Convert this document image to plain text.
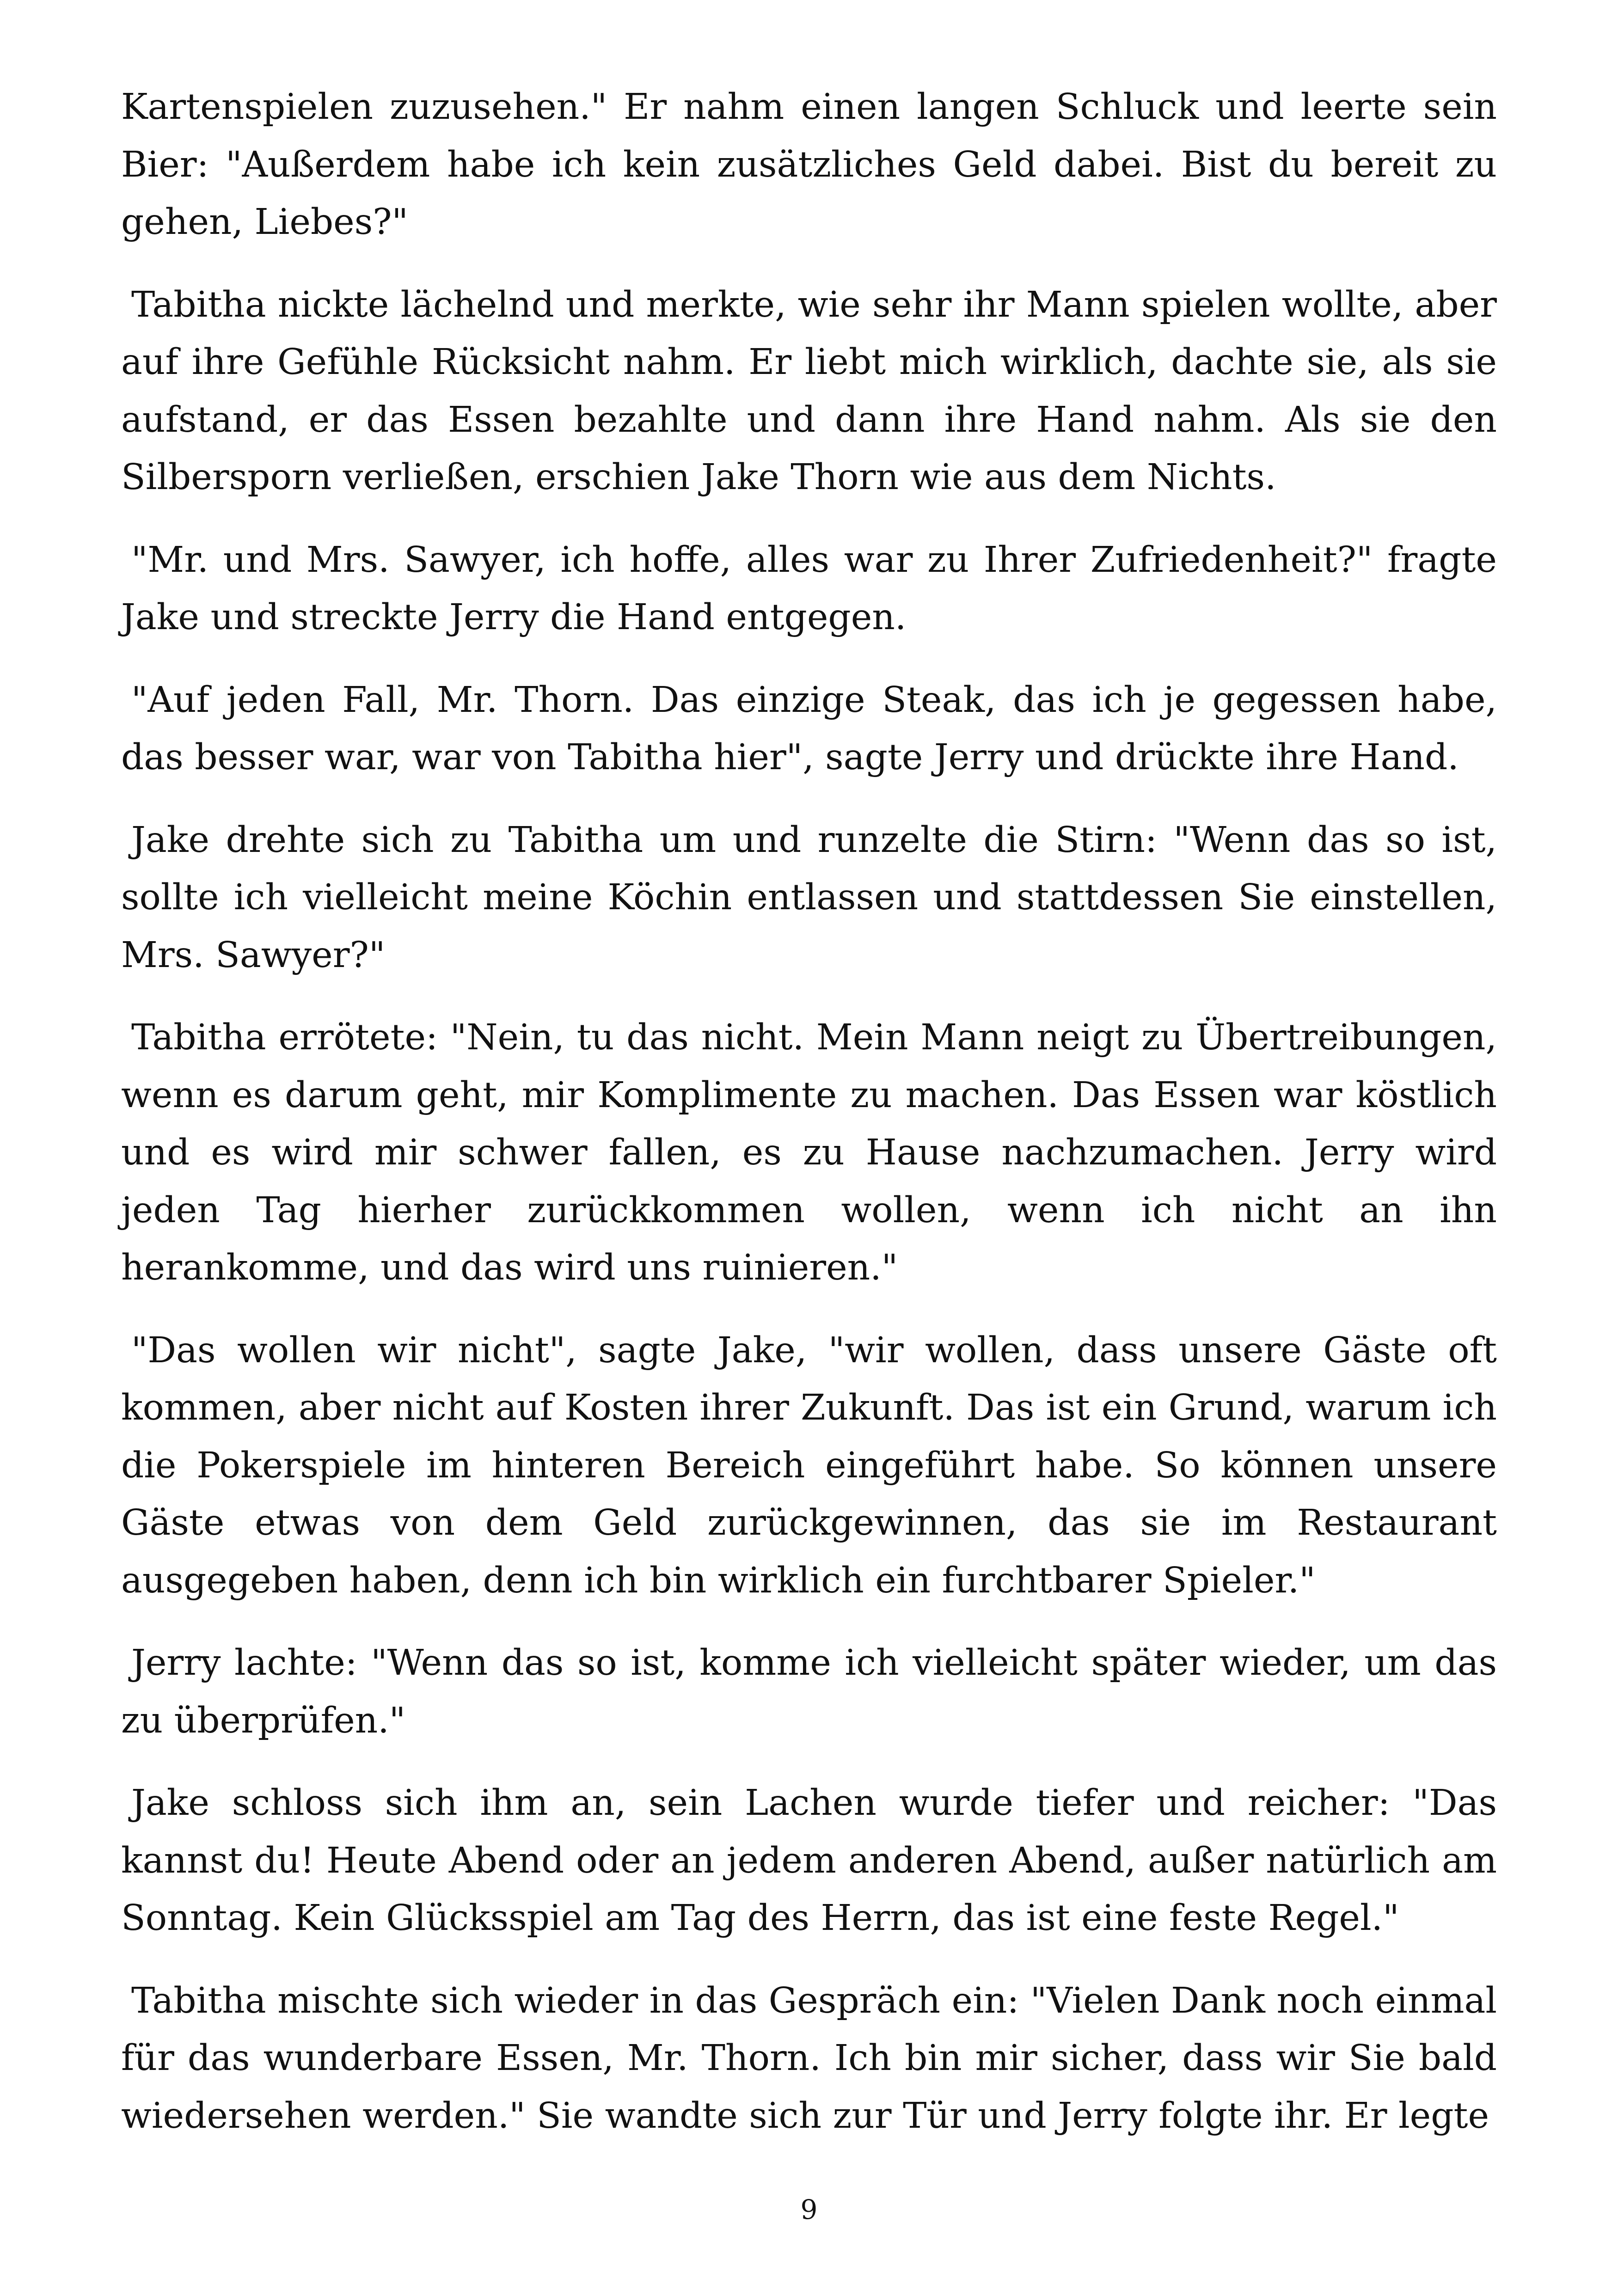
Kartenspielen zuzusehen." Er nahm einen langen Schluck und leerte sein Bier: "Außerdem habe ich kein zusätzliches Geld dabei. Bist du bereit zu gehen, Liebes?"

Tabitha nickte lächelnd und merkte, wie sehr ihr Mann spielen wollte, aber auf ihre Gefühle Rücksicht nahm. Er liebt mich wirklich, dachte sie, als sie aufstand, er das Essen bezahlte und dann ihre Hand nahm. Als sie den Silbersporn verließen, erschien Jake Thorn wie aus dem Nichts.

"Mr. und Mrs. Sawyer, ich hoffe, alles war zu Ihrer Zufriedenheit?" fragte Jake und streckte Jerry die Hand entgegen.

"Auf jeden Fall, Mr. Thorn. Das einzige Steak, das ich je gegessen habe, das besser war, war von Tabitha hier", sagte Jerry und drückte ihre Hand.

Jake drehte sich zu Tabitha um und runzelte die Stirn: "Wenn das so ist, sollte ich vielleicht meine Köchin entlassen und stattdessen Sie einstellen, Mrs. Sawyer?"

Tabitha errötete: "Nein, tu das nicht. Mein Mann neigt zu Übertreibungen, wenn es darum geht, mir Komplimente zu machen. Das Essen war köstlich und es wird mir schwer fallen, es zu Hause nachzumachen. Jerry wird jeden Tag hierher zurückkommen wollen, wenn ich nicht an ihn herankomme, und das wird uns ruinieren."

"Das wollen wir nicht", sagte Jake, "wir wollen, dass unsere Gäste oft kommen, aber nicht auf Kosten ihrer Zukunft. Das ist ein Grund, warum ich die Pokerspiele im hinteren Bereich eingeführt habe. So können unsere Gäste etwas von dem Geld zurückgewinnen, das sie im Restaurant ausgegeben haben, denn ich bin wirklich ein furchtbarer Spieler."

Jerry lachte: "Wenn das so ist, komme ich vielleicht später wieder, um das zu überprüfen."

Jake schloss sich ihm an, sein Lachen wurde tiefer und reicher: "Das kannst du! Heute Abend oder an jedem anderen Abend, außer natürlich am Sonntag. Kein Glücksspiel am Tag des Herrn, das ist eine feste Regel."

Tabitha mischte sich wieder in das Gespräch ein: "Vielen Dank noch einmal für das wunderbare Essen, Mr. Thorn. Ich bin mir sicher, dass wir Sie bald wiedersehen werden." Sie wandte sich zur Tür und Jerry folgte ihr. Er legte

9
